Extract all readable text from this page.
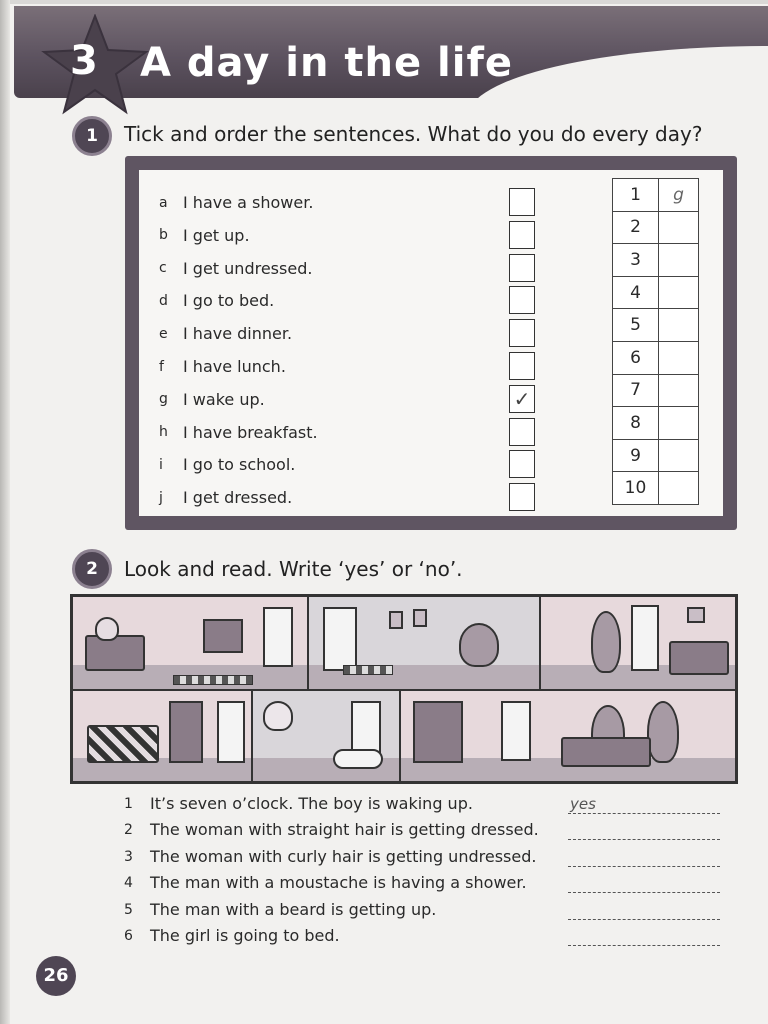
3 A day in the life
1	Tick and order the sentences. What do you do every day?
a I have a shower.
b I get up.
c	I get undressed.
d I go to bed.
e I have dinner.
f	I have lunch.
g I wake up.	✓
h I have breakfast.
i	I go to school.
j	I get dressed.
1	g
2	
3	
4	
5	
6	
7	
8	
9	
10	
2	Look and read. Write ‘yes’ or ‘no’.
1	It’s seven o’clock. The boy is waking up.	yes
2	The woman with straight hair is getting dressed.
3	The woman with curly hair is getting undressed.
4	The man with a moustache is having a shower.
5	The man with a beard is getting up.
6	The girl is going to bed.
26
